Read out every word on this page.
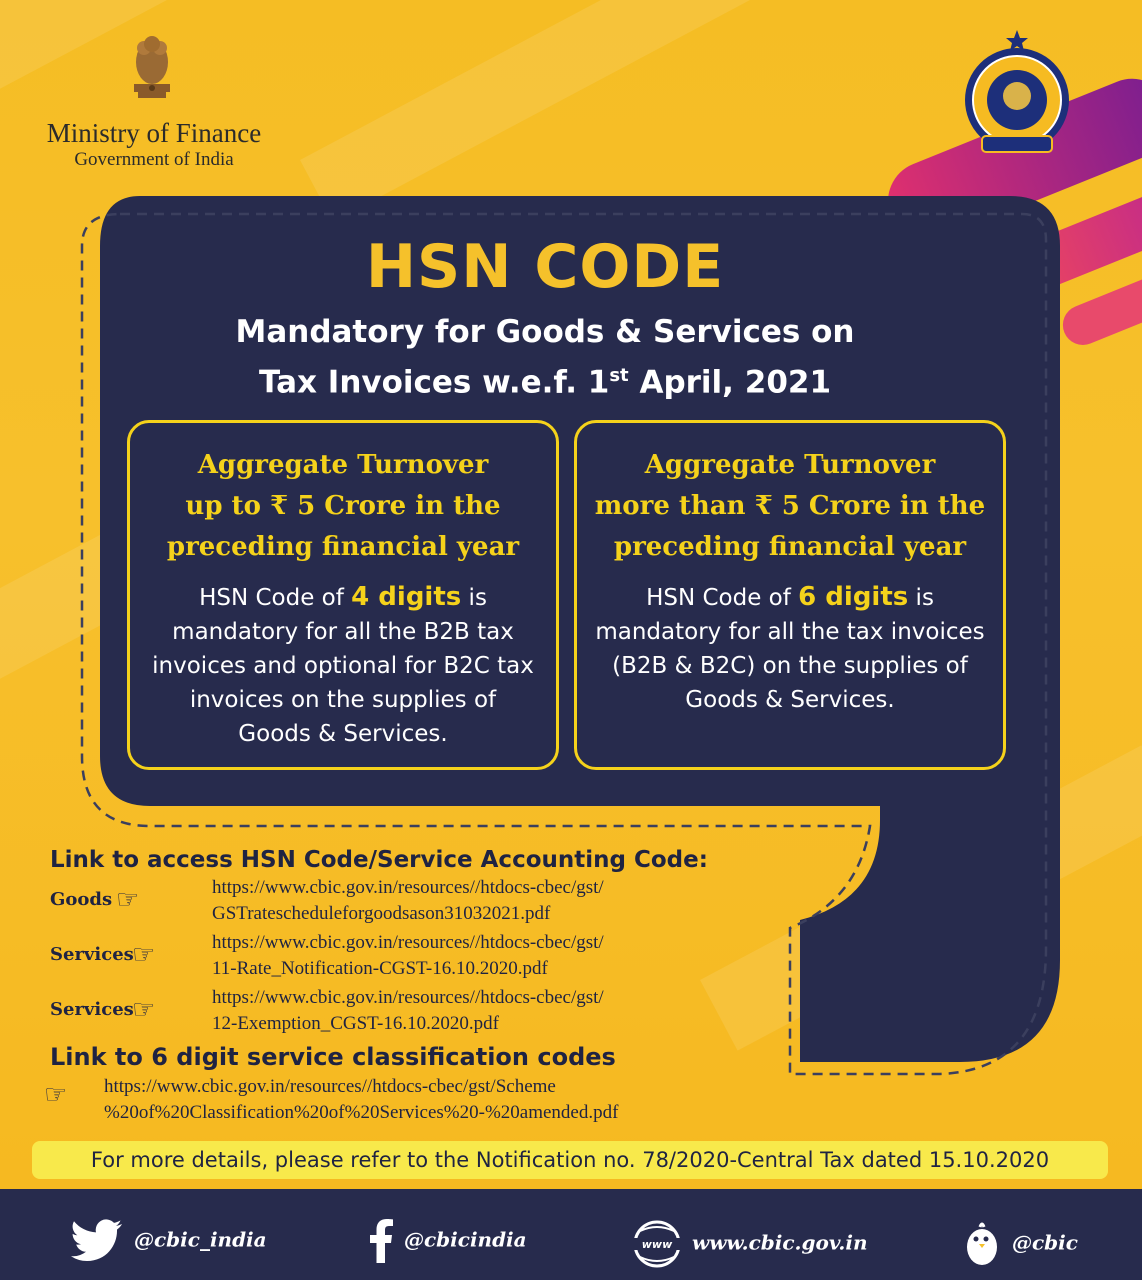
Ministry of Finance
Government of India
HSN CODE
Mandatory for Goods & Services on
Tax Invoices w.e.f. 1st April, 2021
Aggregate Turnover
up to ₹ 5 Crore in the
preceding financial year
HSN Code of 4 digits is mandatory for all the B2B tax invoices and optional for B2C tax invoices on the supplies of Goods & Services.
Aggregate Turnover
more than ₹ 5 Crore in the
preceding financial year
HSN Code of 6 digits is mandatory for all the tax invoices (B2B & B2C) on the supplies of Goods & Services.
Link to access HSN Code/Service Accounting Code:
Goods ☞	https://www.cbic.gov.in/resources//htdocs-cbec/gst/
GSTratescheduleforgoodsason31032021.pdf
Services
☞	https://www.cbic.gov.in/resources//htdocs-cbec/gst/
11-Rate_Notification-CGST-16.10.2020.pdf
Services
☞	https://www.cbic.gov.in/resources//htdocs-cbec/gst/
12-Exemption_CGST-16.10.2020.pdf
Link to 6 digit service classification codes
☞ https://www.cbic.gov.in/resources//htdocs-cbec/gst/Scheme
%20of%20Classification%20of%20Services%20-%20amended.pdf
For more details, please refer to the Notification no. 78/2020-Central Tax dated 15.10.2020
@cbic_india	@cbicindia	www www.cbic.gov.in	@cbic
